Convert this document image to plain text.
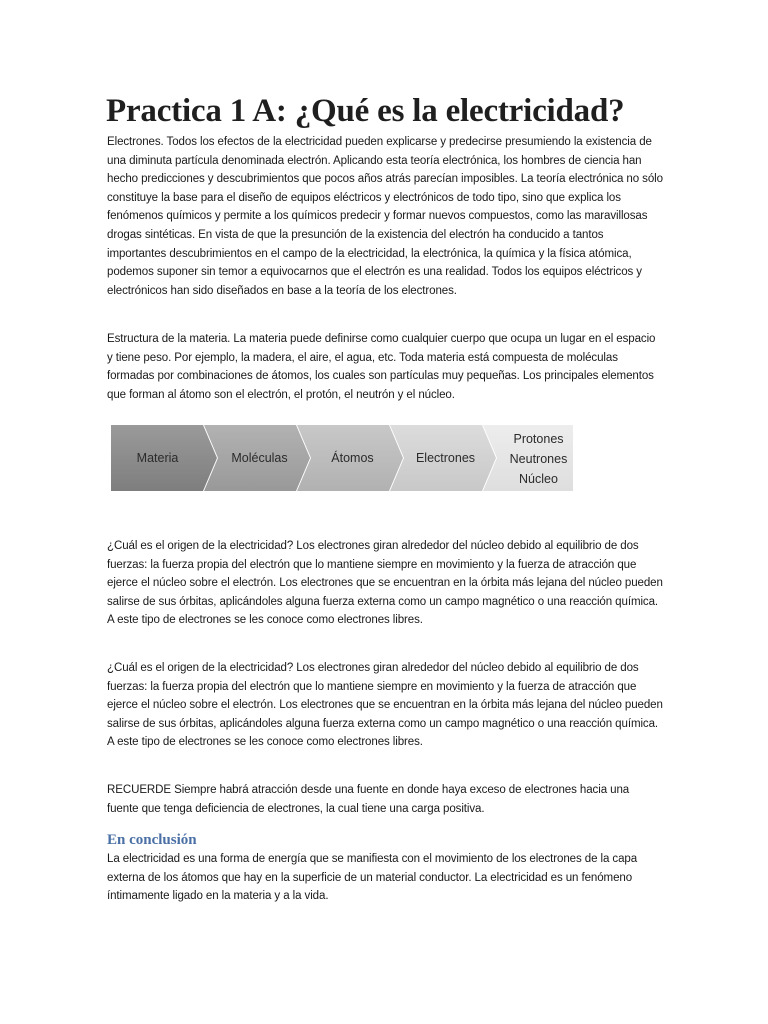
Practica 1 A: ¿Qué es la electricidad?

Electrones. Todos los efectos de la electricidad pueden explicarse y predecirse presumiendo la existencia de una diminuta partícula denominada electrón. Aplicando esta teoría electrónica, los hombres de ciencia han hecho predicciones y descubrimientos que pocos años atrás parecían imposibles. La teoría electrónica no sólo constituye la base para el diseño de equipos eléctricos y electrónicos de todo tipo, sino que explica los fenómenos químicos y permite a los químicos predecir y formar nuevos compuestos, como las maravillosas drogas sintéticas. En vista de que la presunción de la existencia del electrón ha conducido a tantos importantes descubrimientos en el campo de la electricidad, la electrónica, la química y la física atómica, podemos suponer sin temor a equivocarnos que el electrón es una realidad. Todos los equipos eléctricos y electrónicos han sido diseñados en base a la teoría de los electrones.

Estructura de la materia. La materia puede definirse como cualquier cuerpo que ocupa un lugar en el espacio y tiene peso. Por ejemplo, la madera, el aire, el agua, etc. Toda materia está compuesta de moléculas formadas por combinaciones de átomos, los cuales son partículas muy pequeñas. Los principales elementos que forman al átomo son el electrón, el protón, el neutrón y el núcleo.

Materia	Moléculas	Átomos	Electrones
Protones
Neutrones
Núcleo

¿Cuál es el origen de la electricidad? Los electrones giran alrededor del núcleo debido al equilibrio de dos fuerzas: la fuerza propia del electrón que lo mantiene siempre en movimiento y la fuerza de atracción que ejerce el núcleo sobre el electrón. Los electrones que se encuentran en la órbita más lejana del núcleo pueden salirse de sus órbitas, aplicándoles alguna fuerza externa como un campo magnético o una reacción química. A este tipo de electrones se les conoce como electrones libres.

¿Cuál es el origen de la electricidad? Los electrones giran alrededor del núcleo debido al equilibrio de dos fuerzas: la fuerza propia del electrón que lo mantiene siempre en movimiento y la fuerza de atracción que ejerce el núcleo sobre el electrón. Los electrones que se encuentran en la órbita más lejana del núcleo pueden salirse de sus órbitas, aplicándoles alguna fuerza externa como un campo magnético o una reacción química. A este tipo de electrones se les conoce como electrones libres.

RECUERDE Siempre habrá atracción desde una fuente en donde haya exceso de electrones hacia una fuente que tenga deficiencia de electrones, la cual tiene una carga positiva.

En conclusión

La electricidad es una forma de energía que se manifiesta con el movimiento de los electrones de la capa externa de los átomos que hay en la superficie de un material conductor. La electricidad es un fenómeno íntimamente ligado en la materia y a la vida.
